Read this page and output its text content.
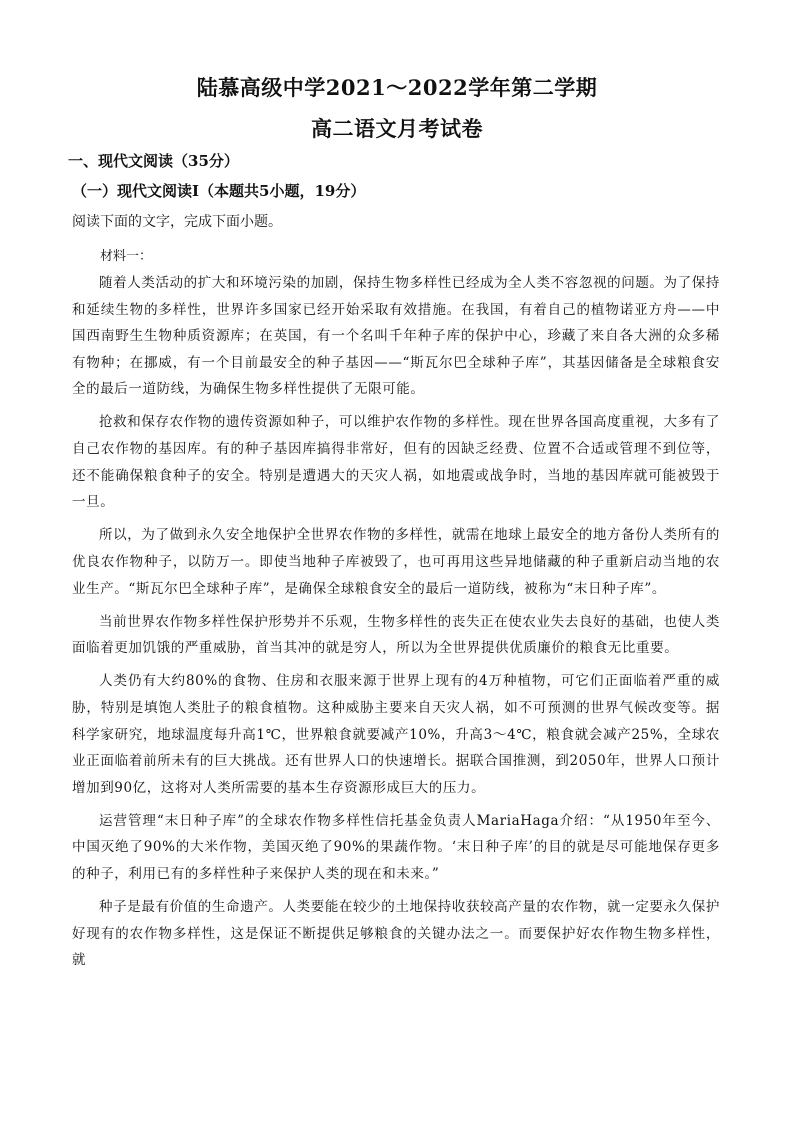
陆慕高级中学2021～2022学年第二学期
高二语文月考试卷
一、现代文阅读（35分）
（一）现代文阅读Ⅰ（本题共5小题，19分）
阅读下面的文字，完成下面小题。
材料一：

随着人类活动的扩大和环境污染的加剧，保持生物多样性已经成为全人类不容忽视的问题。为了保持和延续生物的多样性，世界许多国家已经开始采取有效措施。在我国，有着自己的植物诺亚方舟——中国西南野生生物种质资源库；在英国，有一个名叫千年种子库的保护中心，珍藏了来自各大洲的众多稀有物种；在挪威，有一个目前最安全的种子基因——“斯瓦尔巴全球种子库”，其基因储备是全球粮食安全的最后一道防线，为确保生物多样性提供了无限可能。

抢救和保存农作物的遗传资源如种子，可以维护农作物的多样性。现在世界各国高度重视，大多有了自己农作物的基因库。有的种子基因库搞得非常好，但有的因缺乏经费、位置不合适或管理不到位等，还不能确保粮食种子的安全。特别是遭遇大的天灾人祸，如地震或战争时，当地的基因库就可能被毁于一旦。

所以，为了做到永久安全地保护全世界农作物的多样性，就需在地球上最安全的地方备份人类所有的优良农作物种子，以防万一。即使当地种子库被毁了，也可再用这些异地储藏的种子重新启动当地的农业生产。“斯瓦尔巴全球种子库”，是确保全球粮食安全的最后一道防线，被称为“末日种子库”。

当前世界农作物多样性保护形势并不乐观，生物多样性的丧失正在使农业失去良好的基础，也使人类面临着更加饥饿的严重威胁，首当其冲的就是穷人，所以为全世界提供优质廉价的粮食无比重要。

人类仍有大约80%的食物、住房和衣服来源于世界上现有的4万种植物，可它们正面临着严重的威胁，特别是填饱人类肚子的粮食植物。这种威胁主要来自天灾人祸，如不可预测的世界气候改变等。据科学家研究，地球温度每升高1℃，世界粮食就要减产10%，升高3～4℃，粮食就会减产25%，全球农业正面临着前所未有的巨大挑战。还有世界人口的快速增长。据联合国推测，到2050年，世界人口预计增加到90亿，这将对人类所需要的基本生存资源形成巨大的压力。

运营管理“末日种子库”的全球农作物多样性信托基金负责人MariaHaga介绍：“从1950年至今、中国灭绝了90%的大米作物，美国灭绝了90%的果蔬作物。‘末日种子库’的目的就是尽可能地保存更多的种子，利用已有的多样性种子来保护人类的现在和未来。”

种子是最有价值的生命遗产。人类要能在较少的土地保持收获较高产量的农作物，就一定要永久保护好现有的农作物多样性，这是保证不断提供足够粮食的关键办法之一。而要保护好农作物生物多样性，就
